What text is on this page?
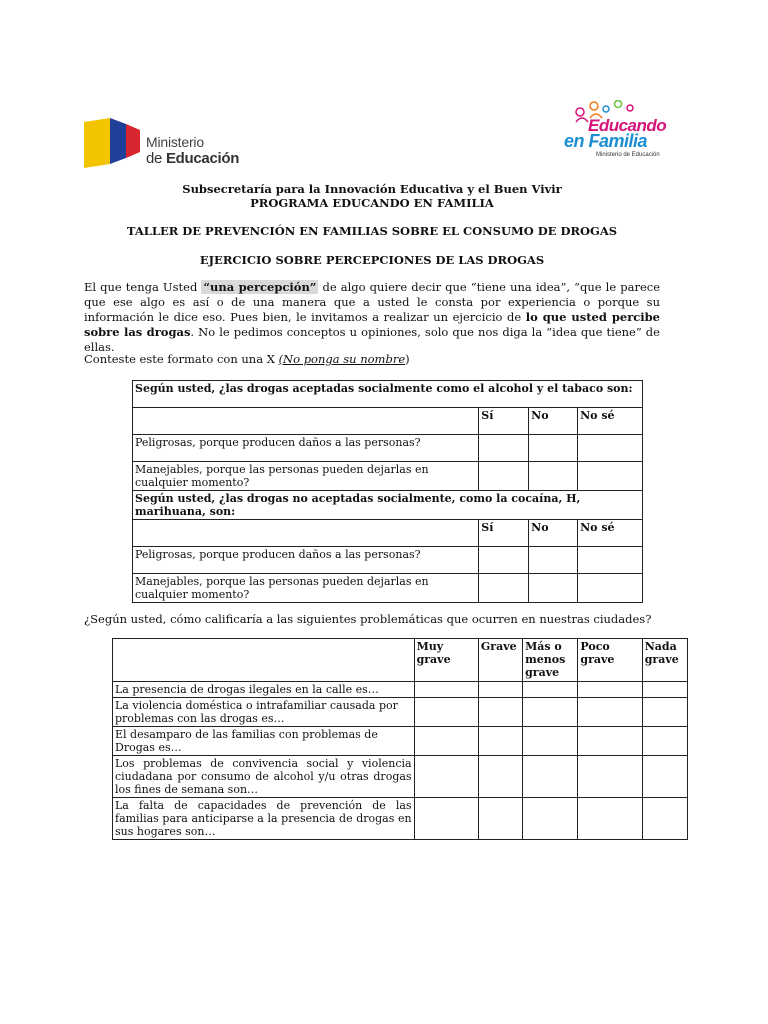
Ministerio
de Educación
Educando
en Familia
Ministerio de Educación
Subsecretaría para la Innovación Educativa y el Buen Vivir
PROGRAMA EDUCANDO EN FAMILIA
TALLER DE PREVENCIÓN EN FAMILIAS SOBRE EL CONSUMO DE DROGAS
EJERCICIO SOBRE PERCEPCIONES DE LAS DROGAS
El que tenga Usted “una percepción” de algo quiere decir que “tiene una idea”, “que le parece que ese algo es así o de una manera que a usted le consta por experiencia o porque su información le dice eso. Pues bien, le invitamos a realizar un ejercicio de lo que usted percibe sobre las drogas. No le pedimos conceptos u opiniones, solo que nos diga la “idea que tiene” de ellas.
Conteste este formato con una X (No ponga su nombre)
Según usted, ¿las drogas aceptadas socialmente como el alcohol y el tabaco son:			
	Sí	No	No sé
Peligrosas, porque producen daños a las personas?			
Manejables, porque las personas pueden dejarlas en cualquier momento?			
Según usted, ¿las drogas no aceptadas socialmente, como la cocaína, H, marihuana, son:			
	Sí	No	No sé
Peligrosas, porque producen daños a las personas?			
Manejables, porque las personas pueden dejarlas en cualquier momento?			
¿Según usted, cómo calificaría a las siguientes problemáticas que ocurren en nuestras ciudades?
	Muy grave	Grave	Más o menos grave	Poco grave	Nada grave
La presencia de drogas ilegales en la calle es…					
La violencia doméstica o intrafamiliar causada por problemas con las drogas es…					
El desamparo de las familias con problemas de Drogas es…					
Los problemas de convivencia social y violencia ciudadana por consumo de alcohol y/u otras drogas los fines de semana son…					
La falta de capacidades de prevención de las familias para anticiparse a la presencia de drogas en sus hogares son…					
